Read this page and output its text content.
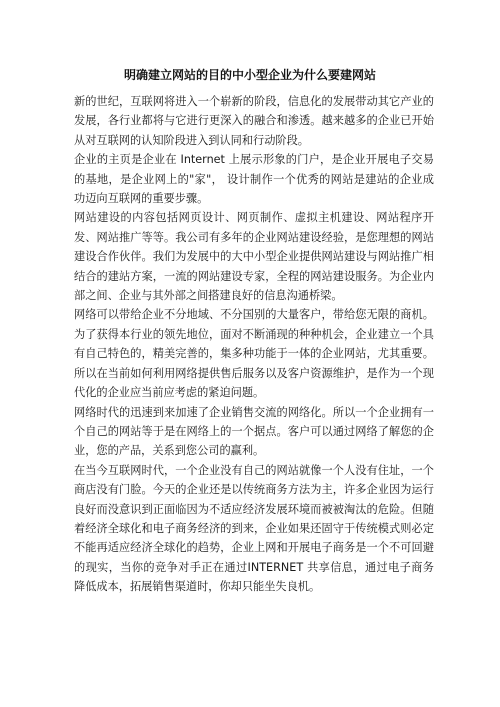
明确建立网站的目的中小型企业为什么要建网站

新的世纪，互联网将进入一个崭新的阶段，信息化的发展带动其它产业的发展，各行业都将与它进行更深入的融合和渗透。越来越多的企业已开始从对互联网的认知阶段进入到认同和行动阶段。

企业的主页是企业在 Internet 上展示形象的门户，是企业开展电子交易的基地，是企业网上的"家"， 设计制作一个优秀的网站是建站的企业成功迈向互联网的重要步骤。

网站建设的内容包括网页设计、网页制作、虚拟主机建设、网站程序开发、网站推广等等。我公司有多年的企业网站建设经验，是您理想的网站建设合作伙伴。我们为发展中的大中小型企业提供网站建设与网站推广相结合的建站方案，一流的网站建设专家，全程的网站建设服务。为企业内部之间、企业与其外部之间搭建良好的信息沟通桥梁。

网络可以带给企业不分地域、不分国别的大量客户，带给您无限的商机。为了获得本行业的领先地位，面对不断涌现的种种机会，企业建立一个具有自己特色的，精美完善的，集多种功能于一体的企业网站，尤其重要。所以在当前如何利用网络提供售后服务以及客户资源维护，是作为一个现代化的企业应当前应考虑的紧迫问题。

网络时代的迅速到来加速了企业销售交流的网络化。所以一个企业拥有一个自己的网站等于是在网络上的一个据点。客户可以通过网络了解您的企业，您的产品，关系到您公司的赢利。

在当今互联网时代，一个企业没有自己的网站就像一个人没有住址，一个商店没有门脸。今天的企业还是以传统商务方法为主，许多企业因为运行良好而没意识到正面临因为不适应经济发展环境而被被淘汰的危险。但随着经济全球化和电子商务经济的到来，企业如果还固守于传统模式则必定不能再适应经济全球化的趋势，企业上网和开展电子商务是一个不可回避的现实，当你的竞争对手正在通过INTERNET 共享信息，通过电子商务降低成本，拓展销售渠道时，你却只能坐失良机。
